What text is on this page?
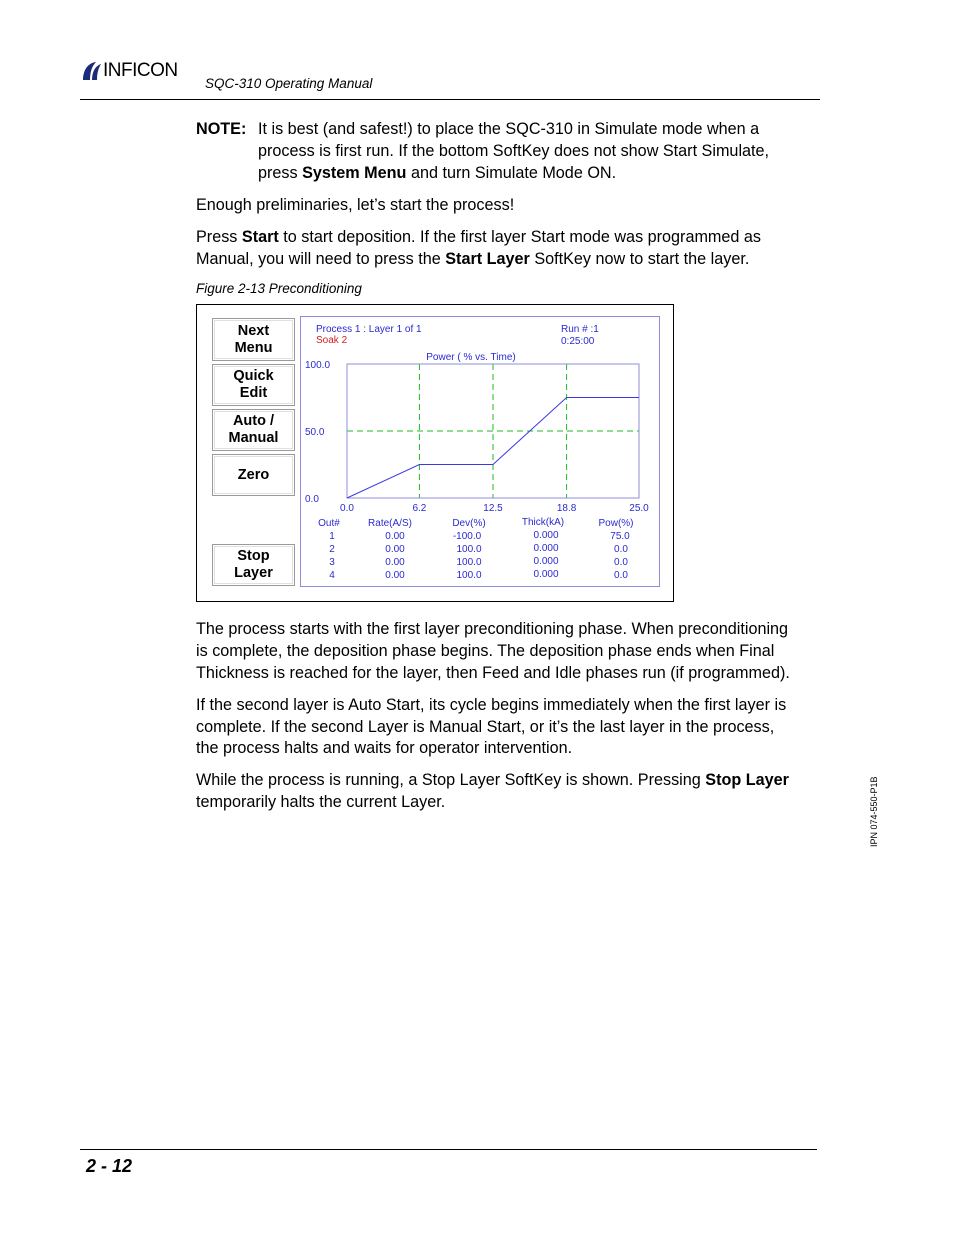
INFICON
SQC-310 Operating Manual
NOTE: It is best (and safest!) to place the SQC-310 in Simulate mode when a
process is first run. If the bottom SoftKey does not show Start Simulate,
press System Menu and turn Simulate Mode ON.
Enough preliminaries, let’s start the process!
Press Start to start deposition. If the first layer Start mode was programmed as
Manual, you will need to press the Start Layer SoftKey now to start the layer.
Figure 2-13 Preconditioning
Next
Menu
Quick
Edit
Auto /
Manual
Zero
Stop
Layer
Process 1 : Layer 1 of 1
Soak 2
Run # :1
0:25:00
Power ( % vs. Time)
0.0	6.2	12.5	18.8	25.0
0.0
50.0
100.0
Out#	Rate(A/S)	Dev(%)	Thick(kA)	Pow(%)
1	0.00	-100.0	0.000	75.0
2	0.00	100.0	0.000	0.0
3	0.00	100.0	0.000	0.0
4	0.00	100.0	0.000	0.0
The process starts with the first layer preconditioning phase. When preconditioning
is complete, the deposition phase begins. The deposition phase ends when Final
Thickness is reached for the layer, then Feed and Idle phases run (if programmed).
If the second layer is Auto Start, its cycle begins immediately when the first layer is
complete. If the second Layer is Manual Start, or it’s the last layer in the process,
the process halts and waits for operator intervention.
While the process is running, a Stop Layer SoftKey is shown. Pressing Stop Layer
temporarily halts the current Layer.	IPN 074-550-P1B
2 - 12
